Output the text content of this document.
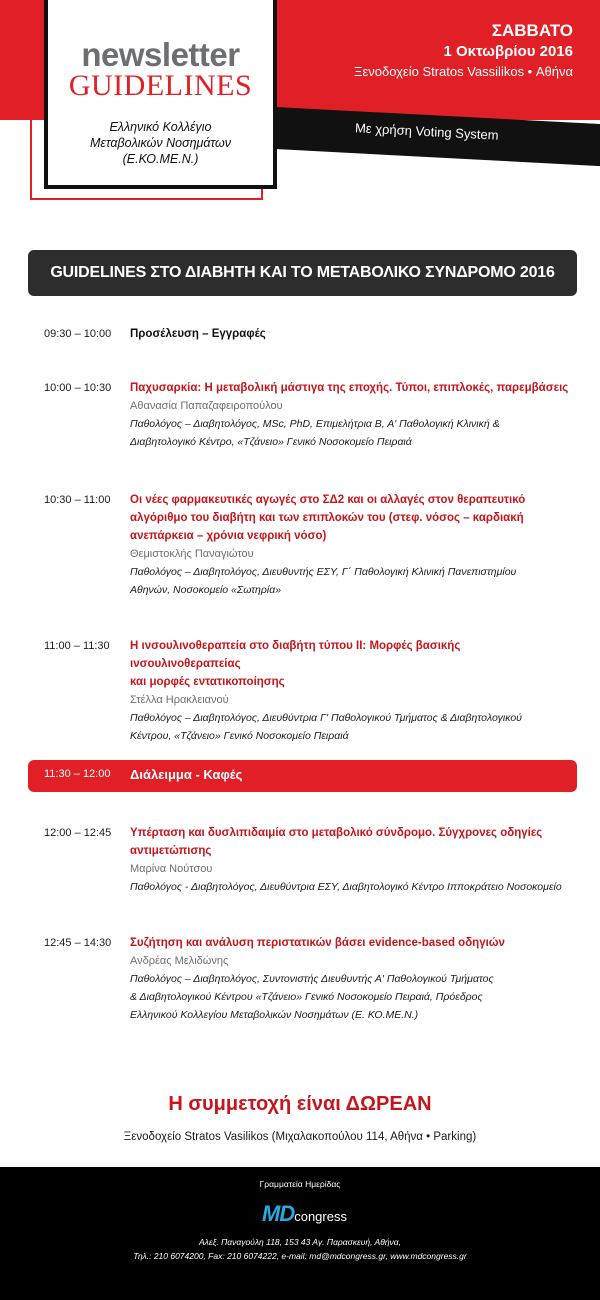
Με χρήση Voting System
newsletter
GUIDELINES
Ελληνικό Κολλέγιο
Μεταβολικών Νοσημάτων
(Ε.ΚΟ.ΜΕ.Ν.)
ΣΑΒΒΑΤΟ
1 Οκτωβρίου 2016
Ξενοδοχείο Stratos Vassilikos • Αθήνα
GUIDELINES ΣΤΟ ΔΙΑΒΗΤΗ ΚΑΙ ΤΟ ΜΕΤΑΒΟΛΙΚΟ ΣΥΝΔΡΟΜΟ 2016
09:30 – 10:00	Προσέλευση – Εγγραφές
10:00 – 10:30	Παχυσαρκία: Η μεταβολική μάστιγα της εποχής. Τύποι, επιπλοκές, παρεμβάσεις
Αθανασία Παπαζαφειροπούλου
Παθολόγος – Διαβητολόγος, MSc, PhD, Επιμελήτρια Β, Α' Παθολογική Κλινική &
Διαβητολογικό Κέντρο, «Τζάνειο» Γενικό Νοσοκομείο Πειραιά
10:30 – 11:00	Οι νέες φαρμακευτικές αγωγές στο ΣΔ2 και οι αλλαγές στον θεραπευτικό
αλγόριθμο του διαβήτη και των επιπλοκών του (στεφ. νόσος – καρδιακή
ανεπάρκεια – χρόνια νεφρική νόσο)
Θεμιστοκλής Παναγιώτου
Παθολόγος – Διαβητολόγος, Διευθυντής ΕΣΥ, Γ΄ Παθολογική Κλινική Πανεπιστημίου
Αθηνών, Νοσοκομείο «Σωτηρία»
11:00 – 11:30	Η ινσουλινοθεραπεία στο διαβήτη τύπου ΙΙ: Μορφές βασικής ινσουλινοθεραπείας
και μορφές εντατικοποίησης
Στέλλα Ηρακλειανού
Παθολόγος – Διαβητολόγος, Διευθύντρια Γ' Παθολογικού Τμήματος & Διαβητολογικού
Κέντρου, «Τζάνειο» Γενικό Νοσοκομείο Πειραιά
11:30 – 12:00 Διάλειμμα - Καφές
12:00 – 12:45	Υπέρταση και δυσλιπιδαιμία στο μεταβολικό σύνδρομο. Σύγχρονες οδηγίες
αντιμετώπισης
Μαρίνα Νούτσου
Παθολόγος - Διαβητολόγος, Διευθύντρια ΕΣΥ, Διαβητολογικό Κέντρο Ιπποκράτειο Νοσοκομείο
12:45 – 14:30	Συζήτηση και ανάλυση περιστατικών βάσει evidence-based οδηγιών
Ανδρέας Μελιδώνης
Παθολόγος – Διαβητολόγος, Συντονιστής Διευθυντής Α' Παθολογικού Τμήματος
& Διαβητολογικού Κέντρου «Τζάνειο» Γενικό Νοσοκομείο Πειραιά, Πρόεδρος
Ελληνικού Κολλεγίου Μεταβολικών Νοσημάτων (Ε. ΚΟ.ΜΕ.Ν.)
Η συμμετοχή είναι ΔΩΡΕΑΝ
Ξενοδοχείο Stratos Vasilikos (Μιχαλακοπούλου 114, Αθήνα • Parking)
Γραμματεία Ημερίδας
MDcongress
Αλεξ. Παναγούλη 118, 153 43 Αγ. Παρασκευή, Αθήνα,
Τηλ.: 210 6074200, Fax: 210 6074222, e-mail: md@mdcongress.gr, www.mdcongress.gr
